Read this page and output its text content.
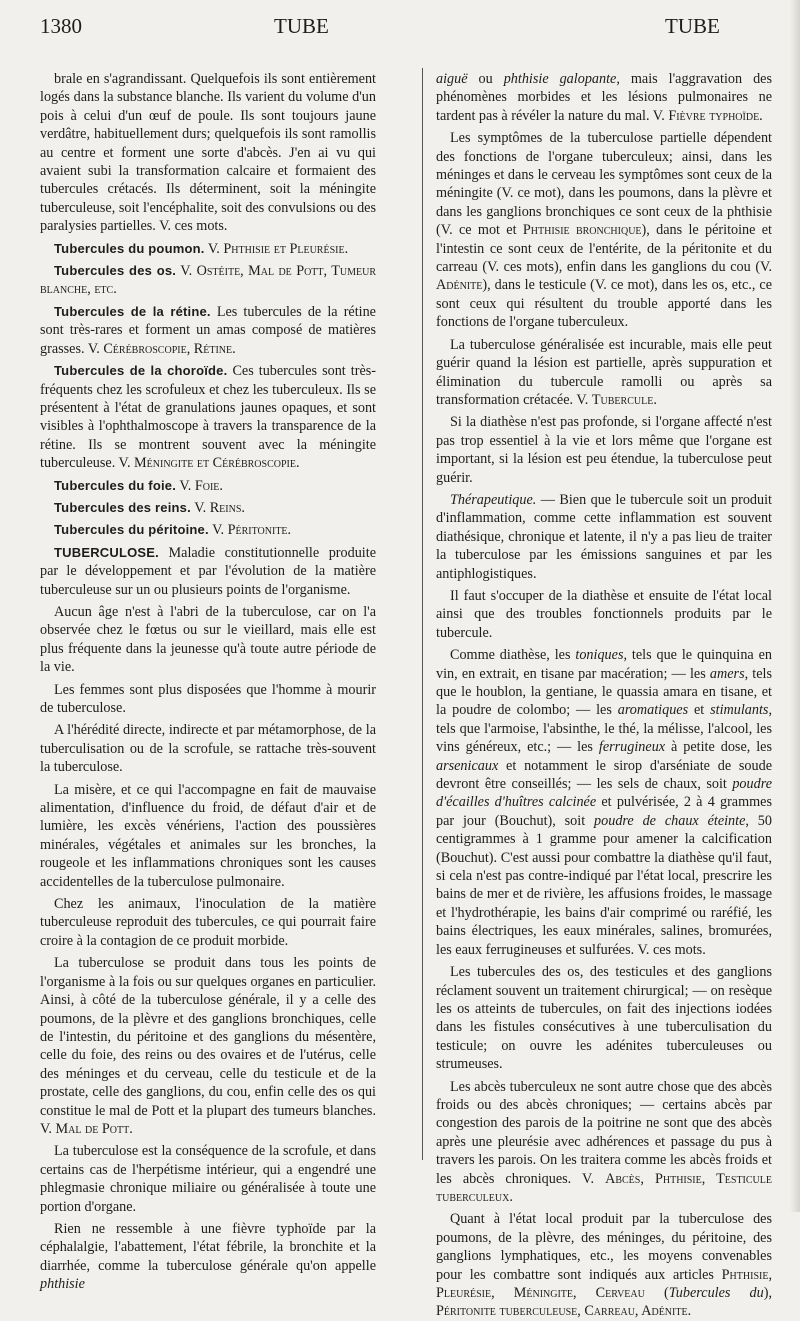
1380	TUBE	TUBE

brale en s'agrandissant. Quelquefois ils sont entièrement logés dans la substance blanche. Ils varient du volume d'un pois à celui d'un œuf de poule. Ils sont toujours jaune verdâtre, habituellement durs; quelquefois ils sont ramollis au centre et forment une sorte d'abcès. J'en ai vu qui avaient subi la transformation calcaire et formaient des tubercules crétacés. Ils déterminent, soit la méningite tuberculeuse, soit l'encéphalite, soit des convulsions ou des paralysies partielles. V. ces mots.

Tubercules du poumon. V. Phthisie et Pleurésie.

Tubercules des os. V. Ostéite, Mal de Pott, Tumeur blanche, etc.

Tubercules de la rétine. Les tubercules de la rétine sont très-rares et forment un amas composé de matières grasses. V. Cérébroscopie, Rétine.

Tubercules de la choroïde. Ces tubercules sont très-fréquents chez les scrofuleux et chez les tuberculeux. Ils se présentent à l'état de granulations jaunes opaques, et sont visibles à l'ophthalmoscope à travers la transparence de la rétine. Ils se montrent souvent avec la méningite tuberculeuse. V. Méningite et Cérébroscopie.

Tubercules du foie. V. Foie.

Tubercules des reins. V. Reins.

Tubercules du péritoine. V. Péritonite.

TUBERCULOSE. Maladie constitutionnelle produite par le développement et par l'évolution de la matière tuberculeuse sur un ou plusieurs points de l'organisme.

Aucun âge n'est à l'abri de la tuberculose, car on l'a observée chez le fœtus ou sur le vieillard, mais elle est plus fréquente dans la jeunesse qu'à toute autre période de la vie.

Les femmes sont plus disposées que l'homme à mourir de tuberculose.

A l'hérédité directe, indirecte et par métamorphose, de la tuberculisation ou de la scrofule, se rattache très-souvent la tuberculose.

La misère, et ce qui l'accompagne en fait de mauvaise alimentation, d'influence du froid, de défaut d'air et de lumière, les excès vénériens, l'action des poussières minérales, végétales et animales sur les bronches, la rougeole et les inflammations chroniques sont les causes accidentelles de la tuberculose pulmonaire.

Chez les animaux, l'inoculation de la matière tuberculeuse reproduit des tubercules, ce qui pourrait faire croire à la contagion de ce produit morbide.

La tuberculose se produit dans tous les points de l'organisme à la fois ou sur quelques organes en particulier. Ainsi, à côté de la tuberculose générale, il y a celle des poumons, de la plèvre et des ganglions bronchiques, celle de l'intestin, du péritoine et des ganglions du mésentère, celle du foie, des reins ou des ovaires et de l'utérus, celle des méninges et du cerveau, celle du testicule et de la prostate, celle des ganglions, du cou, enfin celle des os qui constitue le mal de Pott et la plupart des tumeurs blanches. V. Mal de Pott.

La tuberculose est la conséquence de la scrofule, et dans certains cas de l'herpétisme intérieur, qui a engendré une phlegmasie chronique miliaire ou généralisée à toute une portion d'organe.

Rien ne ressemble à une fièvre typhoïde par la céphalalgie, l'abattement, l'état fébrile, la bronchite et la diarrhée, comme la tuberculose générale qu'on appelle phthisie

aiguë ou phthisie galopante, mais l'aggravation des phénomènes morbides et les lésions pulmonaires ne tardent pas à révéler la nature du mal. V. Fièvre typhoïde.

Les symptômes de la tuberculose partielle dépendent des fonctions de l'organe tuberculeux; ainsi, dans les méninges et dans le cerveau les symptômes sont ceux de la méningite (V. ce mot), dans les poumons, dans la plèvre et dans les ganglions bronchiques ce sont ceux de la phthisie (V. ce mot et Phthisie bronchique), dans le péritoine et l'intestin ce sont ceux de l'entérite, de la péritonite et du carreau (V. ces mots), enfin dans les ganglions du cou (V. Adénite), dans le testicule (V. ce mot), dans les os, etc., ce sont ceux qui résultent du trouble apporté dans les fonctions de l'organe tuberculeux.

La tuberculose généralisée est incurable, mais elle peut guérir quand la lésion est partielle, après suppuration et élimination du tubercule ramolli ou après sa transformation crétacée. V. Tubercule.

Si la diathèse n'est pas profonde, si l'organe affecté n'est pas trop essentiel à la vie et lors même que l'organe est important, si la lésion est peu étendue, la tuberculose peut guérir.

Thérapeutique. — Bien que le tubercule soit un produit d'inflammation, comme cette inflammation est souvent diathésique, chronique et latente, il n'y a pas lieu de traiter la tuberculose par les émissions sanguines et par les antiphlogistiques.

Il faut s'occuper de la diathèse et ensuite de l'état local ainsi que des troubles fonctionnels produits par le tubercule.

Comme diathèse, les toniques, tels que le quinquina en vin, en extrait, en tisane par macération; — les amers, tels que le houblon, la gentiane, le quassia amara en tisane, et la poudre de colombo; — les aromatiques et stimulants, tels que l'armoise, l'absinthe, le thé, la mélisse, l'alcool, les vins généreux, etc.; — les ferrugineux à petite dose, les arsenicaux et notamment le sirop d'arséniate de soude devront être conseillés; — les sels de chaux, soit poudre d'écailles d'huîtres calcinée et pulvérisée, 2 à 4 grammes par jour (Bouchut), soit poudre de chaux éteinte, 50 centigrammes à 1 gramme pour amener la calcification (Bouchut). C'est aussi pour combattre la diathèse qu'il faut, si cela n'est pas contre-indiqué par l'état local, prescrire les bains de mer et de rivière, les affusions froides, le massage et l'hydrothérapie, les bains d'air comprimé ou raréfié, les bains électriques, les eaux minérales, salines, bromurées, les eaux ferrugineuses et sulfurées. V. ces mots.

Les tubercules des os, des testicules et des ganglions réclament souvent un traitement chirurgical; — on resèque les os atteints de tubercules, on fait des injections iodées dans les fistules consécutives à une tuberculisation du testicule; on ouvre les adénites tuberculeuses ou strumeuses.

Les abcès tuberculeux ne sont autre chose que des abcès froids ou des abcès chroniques; — certains abcès par congestion des parois de la poitrine ne sont que des abcès après une pleurésie avec adhérences et passage du pus à travers les parois. On les traitera comme les abcès froids et les abcès chroniques. V. Abcès, Phthisie, Testicule tuberculeux.

Quant à l'état local produit par la tuberculose des poumons, de la plèvre, des méninges, du péritoine, des ganglions lymphatiques, etc., les moyens convenables pour les combattre sont indiqués aux articles Phthisie, Pleurésie, Méningite, Cerveau (Tubercules du), Péritonite tuberculeuse, Carreau, Adénite.
